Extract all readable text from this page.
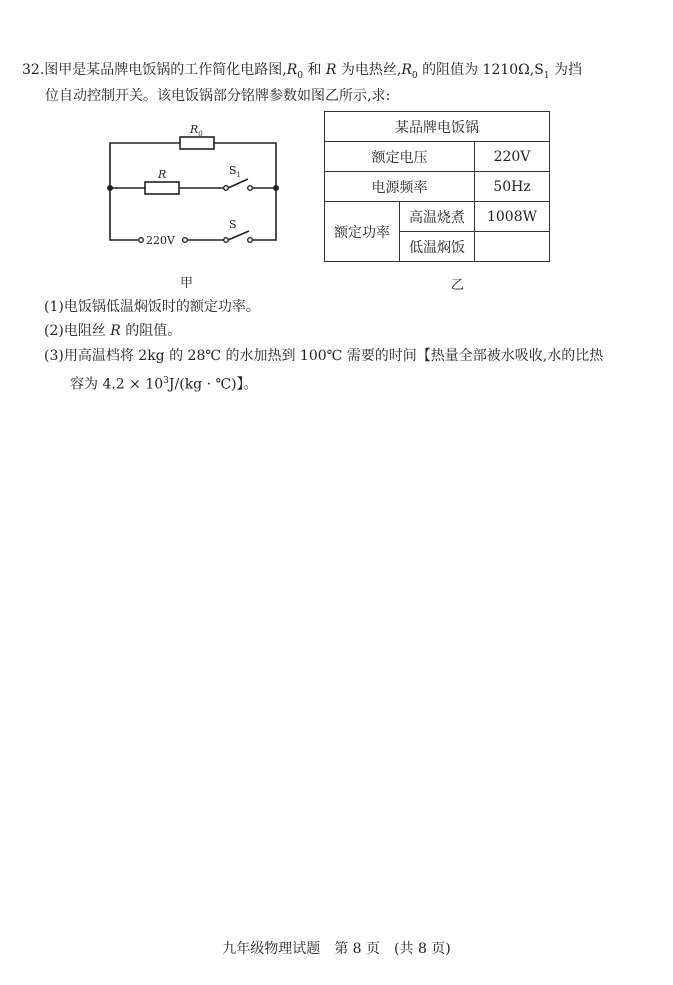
32.图甲是某品牌电饭锅的工作简化电路图$,R_0$ 和 R 为电热丝$,R_0$ 的阻值为 $1210\Omega,S_1$ 为挡
位自动控制开关。该电饭锅部分铭牌参数如图乙所示,求:
$R_0$
R	$S_1$
S
220V
甲
某品牌电饭锅		
额定电压		220V
电源频率		50Hz
额定功率	高温烧煮	1008W
	低温焖饭	
乙
(1)电饭锅低温焖饭时的额定功率。
(2)电阻丝 R 的阻值。
(3)用高温档将 2kg 的 28℃ 的水加热到 100℃ 需要的时间【热量全部被水吸收,水的比热
容为 $4.2 \times 10^3J/(kg$ · ℃)】。
九年级物理试题　第 8 页　(共 8 页)
